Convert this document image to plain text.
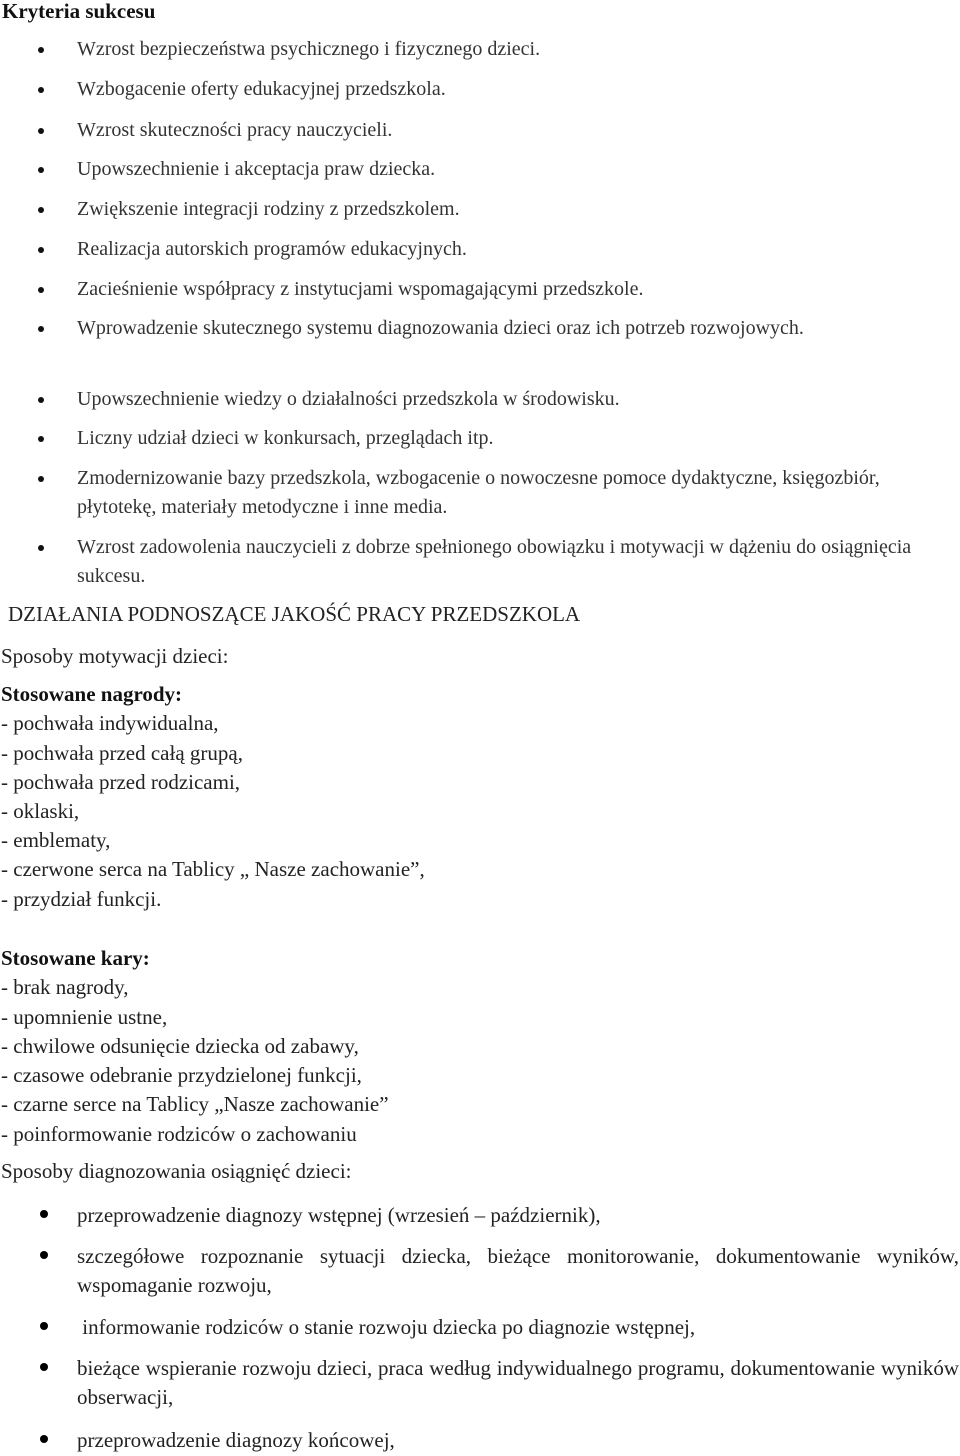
Kryteria sukcesu
Wzrost bezpieczeństwa psychicznego i fizycznego dzieci.
Wzbogacenie oferty edukacyjnej przedszkola.
Wzrost skuteczności pracy nauczycieli.
Upowszechnienie i akceptacja praw dziecka.
Zwiększenie integracji rodziny z przedszkolem.
Realizacja autorskich programów edukacyjnych.
Zacieśnienie współpracy z instytucjami wspomagającymi przedszkole.
Wprowadzenie skutecznego systemu diagnozowania dzieci oraz ich potrzeb rozwojowych.
Upowszechnienie wiedzy o działalności przedszkola w środowisku.
Liczny udział dzieci w konkursach, przeglądach itp.
Zmodernizowanie bazy przedszkola, wzbogacenie o nowoczesne pomoce dydaktyczne, księgozbiór, płytotekę, materiały metodyczne i inne media.
Wzrost zadowolenia nauczycieli z dobrze spełnionego obowiązku i motywacji w dążeniu do osiągnięcia sukcesu.
DZIAŁANIA PODNOSZĄCE JAKOŚĆ PRACY PRZEDSZKOLA

Sposoby motywacji dzieci:

Stosowane nagrody:

- pochwała indywidualna,
- pochwała przed całą grupą,
- pochwała przed rodzicami,
- oklaski,
- emblematy,
- czerwone serca na Tablicy „ Nasze zachowanie”,
- przydział funkcji.

Stosowane kary:

- brak nagrody,
- upomnienie ustne,
- chwilowe odsunięcie dziecka od zabawy,
- czasowe odebranie przydzielonej funkcji,
- czarne serce na Tablicy „Nasze zachowanie”
- poinformowanie rodziców o zachowaniu

Sposoby diagnozowania osiągnięć dzieci:

przeprowadzenie diagnozy wstępnej (wrzesień – październik),
szczegółowe rozpoznanie sytuacji dziecka, bieżące monitorowanie, dokumentowanie wyników, wspomaganie rozwoju,
informowanie rodziców o stanie rozwoju dziecka po diagnozie wstępnej,
bieżące wspieranie rozwoju dzieci, praca według indywidualnego programu, dokumentowanie wyników obserwacji,
przeprowadzenie diagnozy końcowej,
